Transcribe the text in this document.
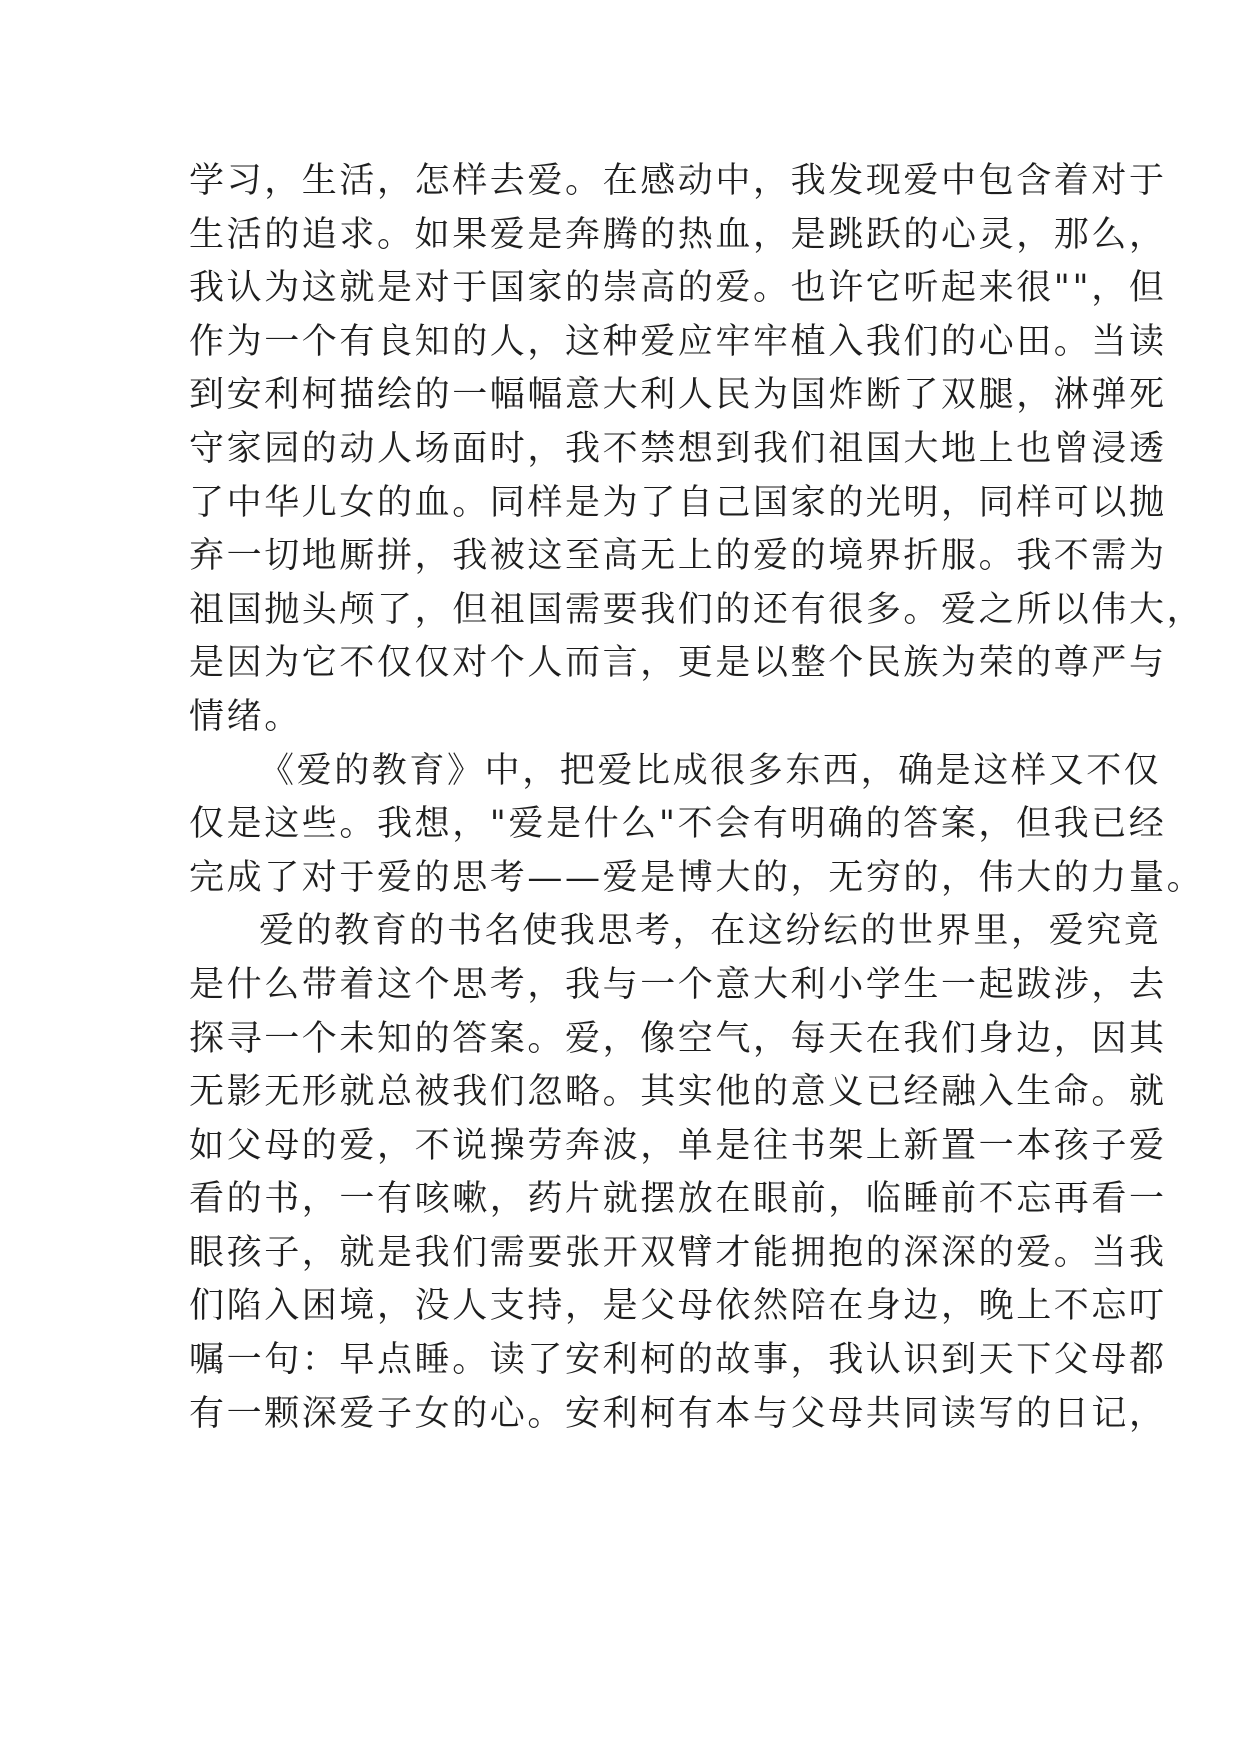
学习，生活，怎样去爱。在感动中，我发现爱中包含着对于
生活的追求。如果爱是奔腾的热血，是跳跃的心灵，那么，
我认为这就是对于国家的崇高的爱。也许它听起来很""，但
作为一个有良知的人，这种爱应牢牢植入我们的心田。当读
到安利柯描绘的一幅幅意大利人民为国炸断了双腿，淋弹死
守家园的动人场面时，我不禁想到我们祖国大地上也曾浸透
了中华儿女的血。同样是为了自己国家的光明，同样可以抛
弃一切地厮拼，我被这至高无上的爱的境界折服。我不需为
祖国抛头颅了，但祖国需要我们的还有很多。爱之所以伟大，
是因为它不仅仅对个人而言，更是以整个民族为荣的尊严与
情绪。
《爱的教育》中，把爱比成很多东西，确是这样又不仅
仅是这些。我想，"爱是什么"不会有明确的答案，但我已经
完成了对于爱的思考——爱是博大的，无穷的，伟大的力量。
爱的教育的书名使我思考，在这纷纭的世界里，爱究竟
是什么带着这个思考，我与一个意大利小学生一起跋涉，去
探寻一个未知的答案。爱，像空气，每天在我们身边，因其
无影无形就总被我们忽略。其实他的意义已经融入生命。就
如父母的爱，不说操劳奔波，单是往书架上新置一本孩子爱
看的书，一有咳嗽，药片就摆放在眼前，临睡前不忘再看一
眼孩子，就是我们需要张开双臂才能拥抱的深深的爱。当我
们陷入困境，没人支持，是父母依然陪在身边，晚上不忘叮
嘱一句：早点睡。读了安利柯的故事，我认识到天下父母都
有一颗深爱子女的心。安利柯有本与父母共同读写的日记，
